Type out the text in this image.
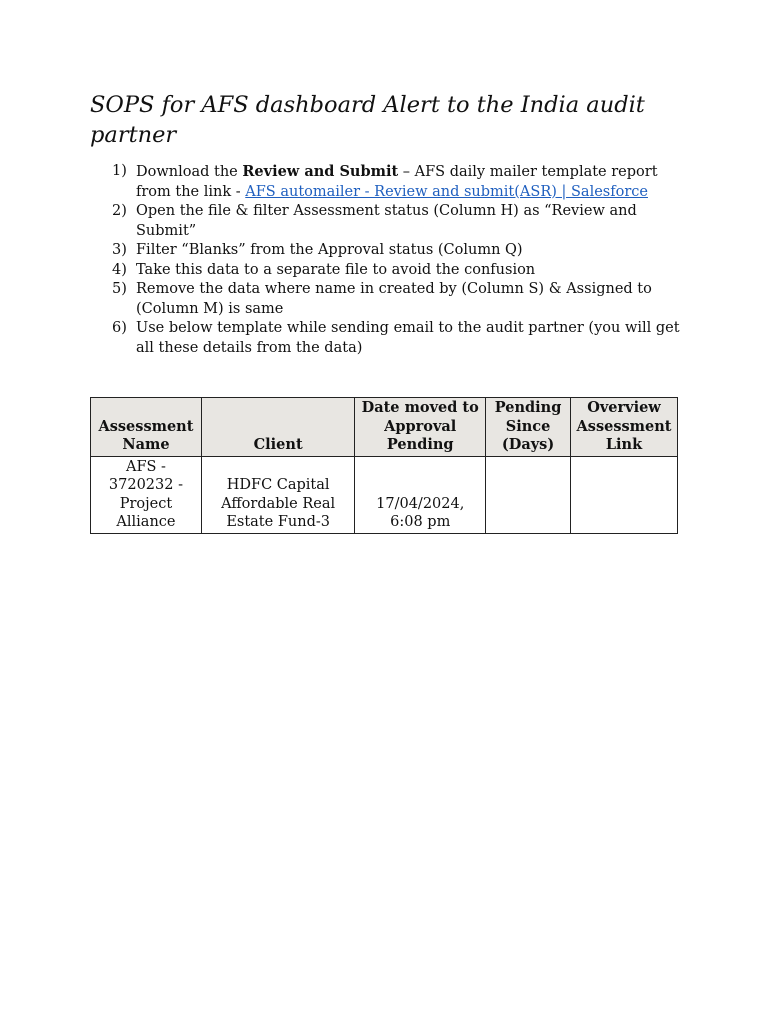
SOPS for AFS dashboard Alert to the India audit partner
1) Download the Review and Submit – AFS daily mailer template report from the link - AFS automailer - Review and submit(ASR) | Salesforce
2) Open the file & filter Assessment status (Column H) as “Review and Submit”
3) Filter “Blanks” from the Approval status (Column Q)
4) Take this data to a separate file to avoid the confusion
5) Remove the data where name in created by (Column S) & Assigned to (Column M) is same
6) Use below template while sending email to the audit partner (you will get all these details from the data)
Assessment Name	Client	Date moved to Approval Pending	Pending Since (Days)	Overview Assessment Link
AFS - 3720232 - Project Alliance	HDFC Capital Affordable Real Estate Fund-3	17/04/2024, 6:08 pm		
